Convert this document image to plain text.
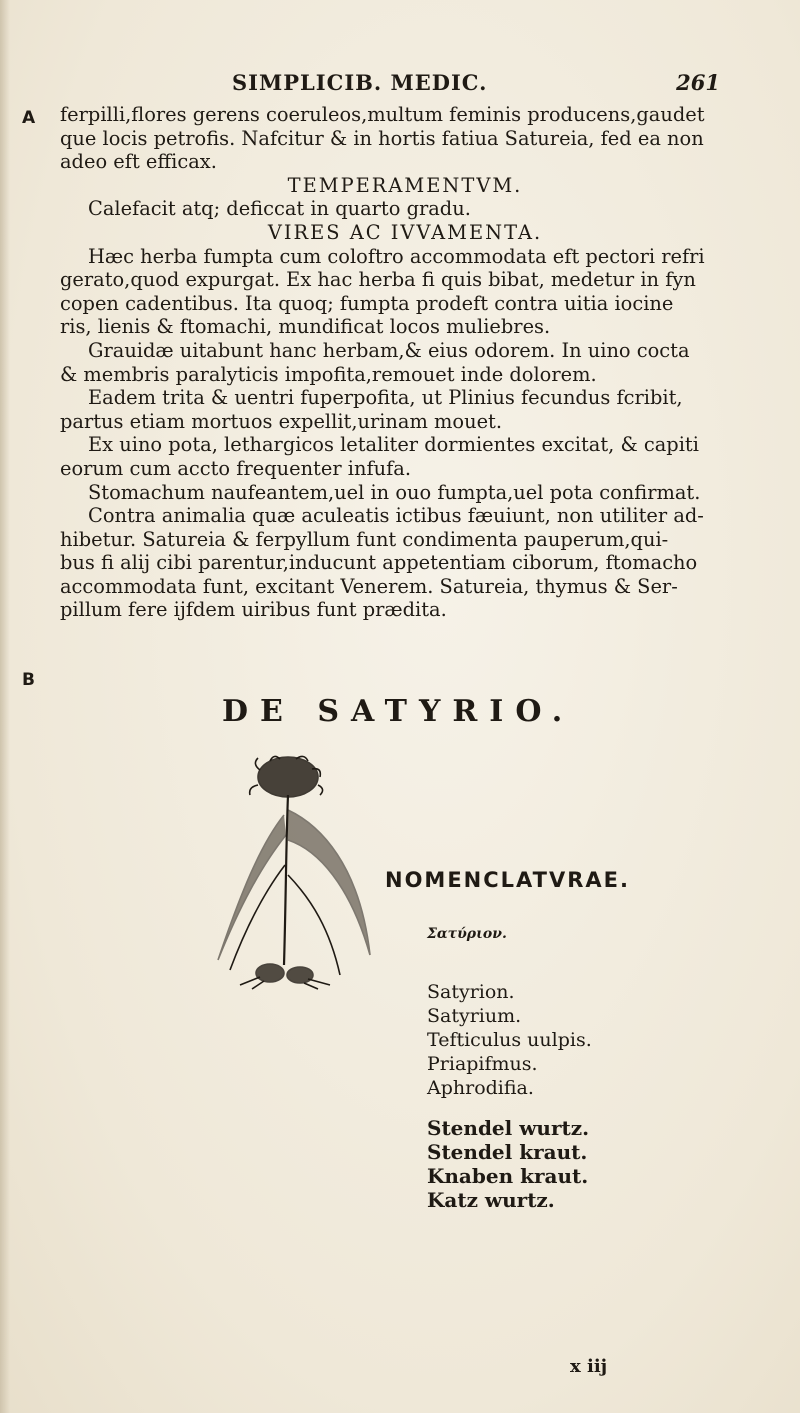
SIMPLICIB. MEDIC.	261
A
B
ferpilli,flores gerens coeruleos,multum feminis producens,gaudet
que locis petrofis. Nafcitur & in hortis fatiua Satureia, fed ea non
adeo eft efficax.
TEMPERAMENTVM.
Calefacit atq; deficcat in quarto gradu.
VIRES AC IVVAMENTA.
Hæc herba fumpta cum coloftro accommodata eft pectori refri
gerato,quod expurgat. Ex hac herba fi quis bibat, medetur in fyn
copen cadentibus. Ita quoq; fumpta prodeft contra uitia iocine
ris, lienis & ftomachi, mundificat locos muliebres.
Grauidæ uitabunt hanc herbam,& eius odorem. In uino cocta
& membris paralyticis impofita,remouet inde dolorem.
Eadem trita & uentri fuperpofita, ut Plinius fecundus fcribit,
partus etiam mortuos expellit,urinam mouet.
Ex uino pota, lethargicos letaliter dormientes excitat, & capiti
eorum cum accto frequenter infufa.
Stomachum naufeantem,uel in ouo fumpta,uel pota confirmat.
Contra animalia quæ aculeatis ictibus fæuiunt, non utiliter ad-
hibetur. Satureia & ferpyllum funt condimenta pauperum,qui-
bus fi alij cibi parentur,inducunt appetentiam ciborum, ftomacho
accommodata funt, excitant Venerem. Satureia, thymus & Ser-
pillum fere ijfdem uiribus funt prædita.
DE SATYRIO.
NOMENCLATVRAE.
Σατύριον.
Satyrion.
Satyrium.
Tefticulus uulpis.
Priapifmus.
Aphrodifia.
Stendel wurtz.
Stendel kraut.
Knaben kraut.
Katz wurtz.
x iij
